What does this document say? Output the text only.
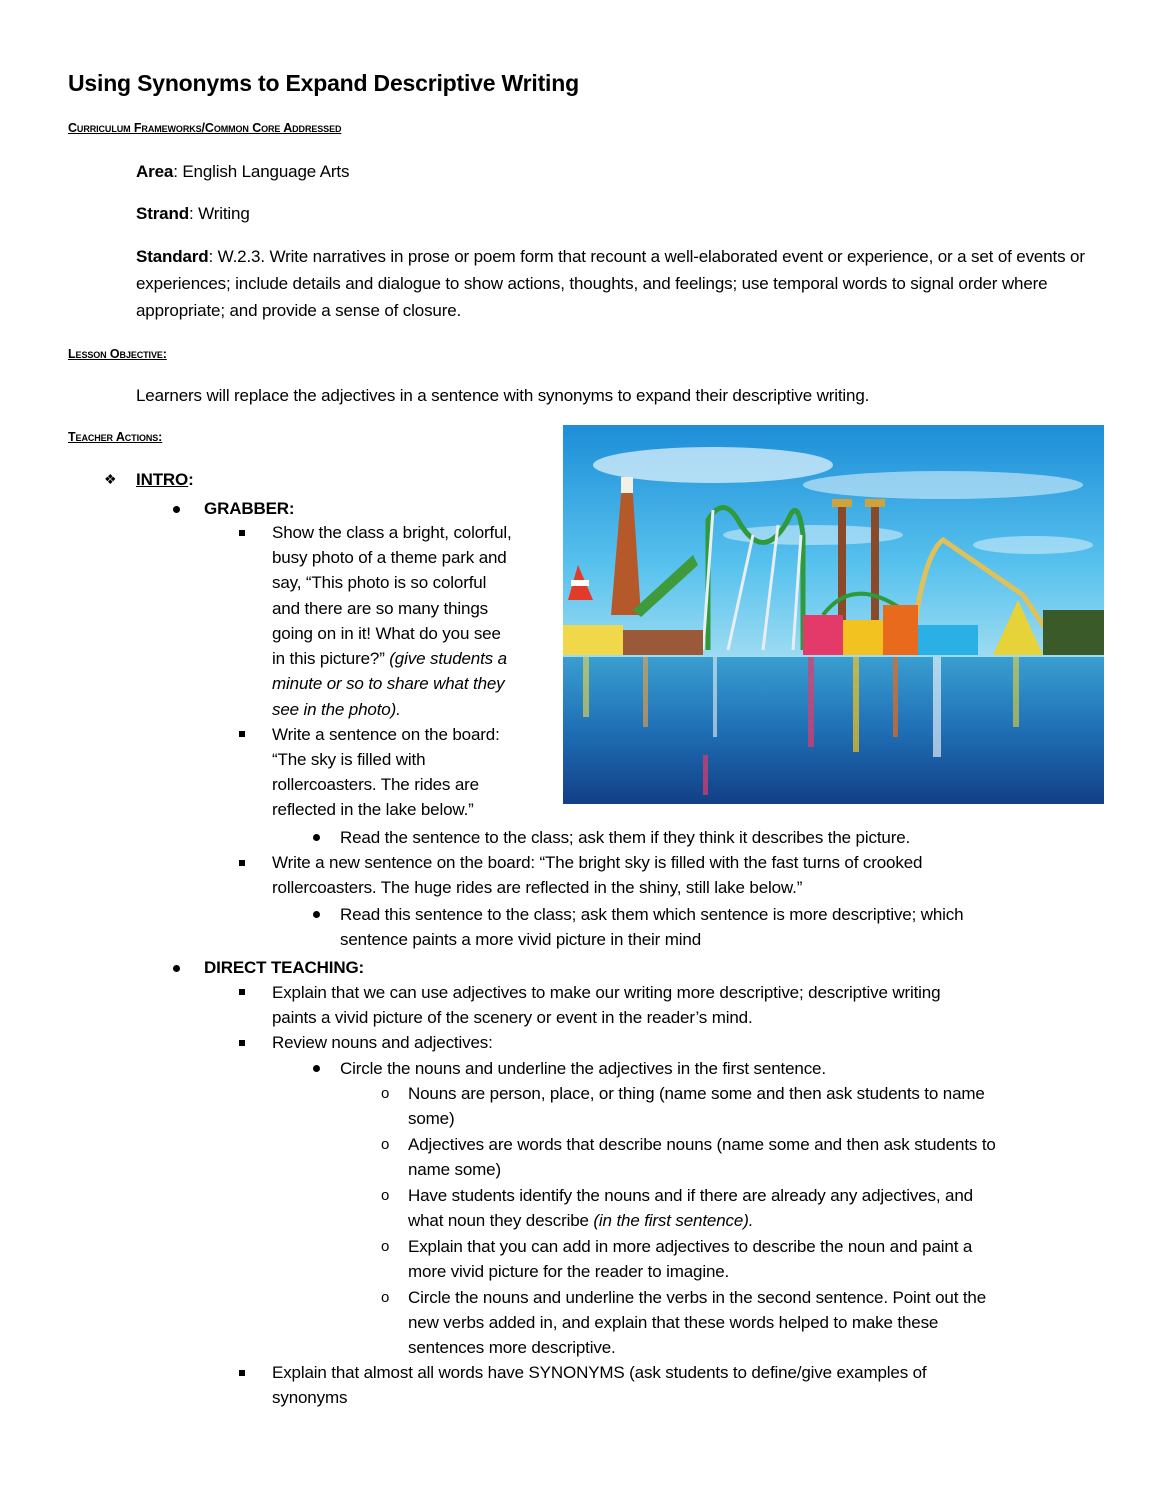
Using Synonyms to Expand Descriptive Writing
Curriculum Frameworks/Common Core Addressed
Area: English Language Arts
Strand: Writing
Standard: W.2.3. Write narratives in prose or poem form that recount a well-elaborated event or experience, or a set of events or experiences; include details and dialogue to show actions, thoughts, and feelings; use temporal words to signal order where appropriate; and provide a sense of closure.
Lesson Objective:
Learners will replace the adjectives in a sentence with synonyms to expand their descriptive writing.
Teacher Actions:
❖ INTRO:
GRABBER:
Show the class a bright, colorful,
busy photo of a theme park and
say, “This photo is so colorful
and there are so many things
going on in it! What do you see
in this picture?” (give students a
minute or so to share what they
see in the photo).
Write a sentence on the board:
“The sky is filled with
rollercoasters. The rides are
reflected in the lake below.”
Read the sentence to the class; ask them if they think it describes the picture.
Write a new sentence on the board: “The bright sky is filled with the fast turns of crooked
rollercoasters. The huge rides are reflected in the shiny, still lake below.”
Read this sentence to the class; ask them which sentence is more descriptive; which
sentence paints a more vivid picture in their mind
DIRECT TEACHING:
Explain that we can use adjectives to make our writing more descriptive; descriptive writing
paints a vivid picture of the scenery or event in the reader’s mind.
Review nouns and adjectives:
Circle the nouns and underline the adjectives in the first sentence.
o Nouns are person, place, or thing (name some and then ask students to name
some)
o Adjectives are words that describe nouns (name some and then ask students to
name some)
o Have students identify the nouns and if there are already any adjectives, and
what noun they describe (in the first sentence).
o Explain that you can add in more adjectives to describe the noun and paint a
more vivid picture for the reader to imagine.
o Circle the nouns and underline the verbs in the second sentence. Point out the
new verbs added in, and explain that these words helped to make these
sentences more descriptive.
Explain that almost all words have SYNONYMS (ask students to define/give examples of
synonyms
